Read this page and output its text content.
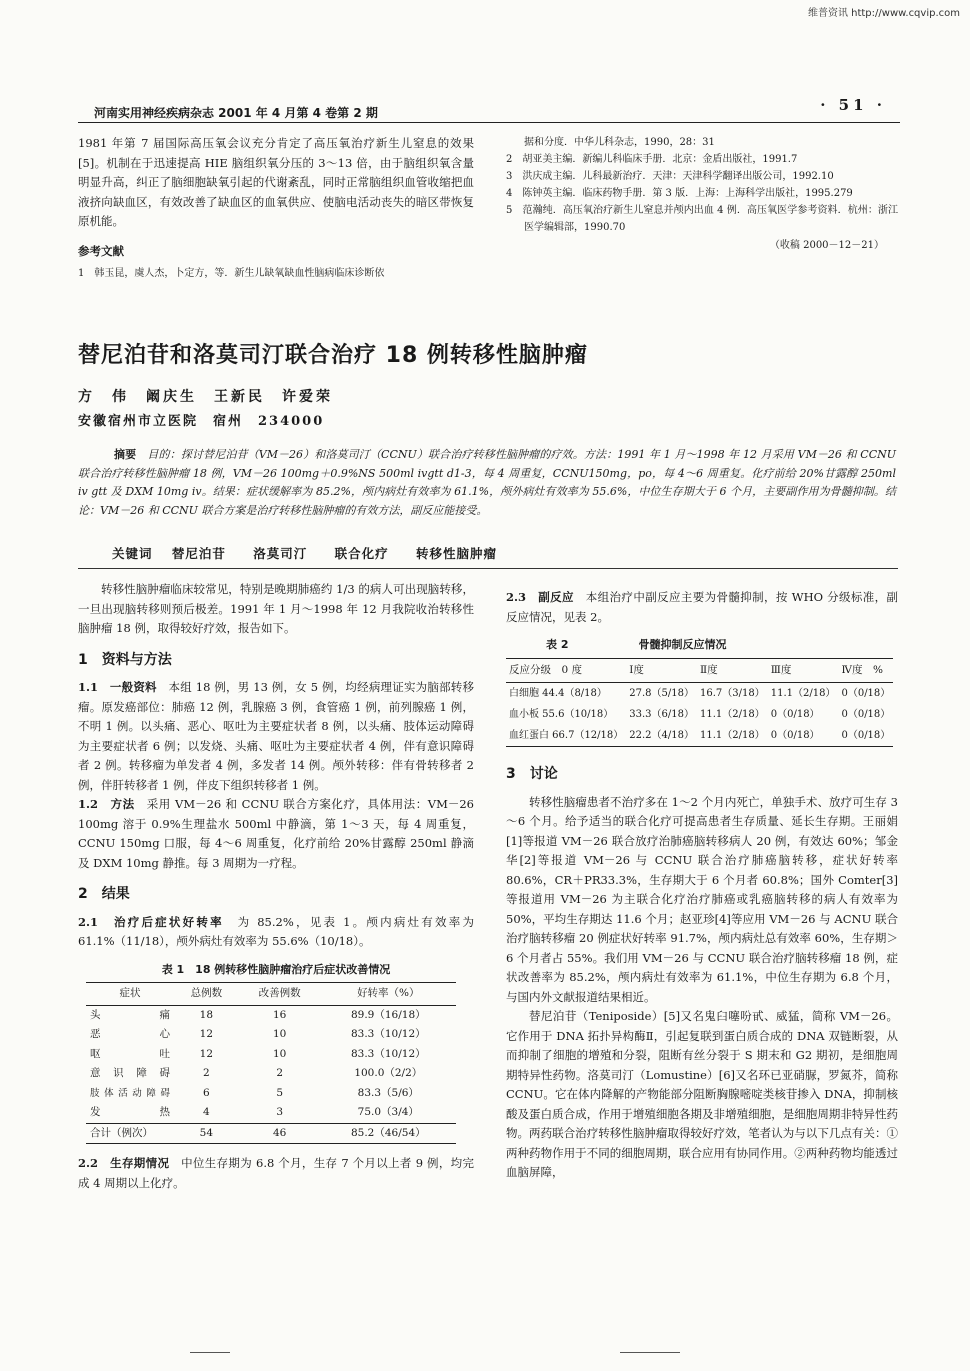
维普资讯 http://www.cqvip.com
河南实用神经疾病杂志 2001 年 4 月第 4 卷第 2 期	· 51 ·

1981 年第 7 届国际高压氧会议充分肯定了高压氧治疗新生儿窒息的效果[5]。机制在于迅速提高 HIE 脑组织氧分压的 3～13 倍，由于脑组织氧含量明显升高，纠正了脑细胞缺氧引起的代谢紊乱，同时正常脑组织血管收缩把血液挤向缺血区，有效改善了缺血区的血氧供应、使脑电活动丧失的暗区带恢复原机能。

参考文献

1　韩玉昆，虞人杰，卜定方，等．新生儿缺氧缺血性脑病临床诊断依

据和分度．中华儿科杂志，1990，28：31

2　胡亚美主编．新编儿科临床手册．北京：金盾出版社，1991.7

3　洪庆成主编．儿科最新治疗．天津：天津科学翻译出版公司，1992.10

4　陈钟英主编．临床药物手册．第 3 版．上海：上海科学出版社，1995.279

5　范瀚纯．高压氧治疗新生儿窒息并颅内出血 4 例．高压氧医学参考资料．杭州：浙江医学编辑部，1990.70

（收稿 2000－12－21）

替尼泊苷和洛莫司汀联合治疗 18 例转移性脑肿瘤
方　伟　阚庆生　王新民　许爱荣
安徽宿州市立医院　宿州　234000
摘要　 目的：探讨替尼泊苷（VM－26）和洛莫司汀（CCNU）联合治疗转移性脑肿瘤的疗效。方法：1991 年 1 月～1998 年 12 月采用 VM－26 和 CCNU 联合治疗转移性脑肿瘤 18 例，VM－26 100mg＋0.9%NS 500ml ivgtt d1-3，每 4 周重复，CCNU150mg，po，每 4～6 周重复。化疗前给 20%甘露醇 250ml iv gtt 及 DXM 10mg iv。结果：症状缓解率为 85.2%，颅内病灶有效率为 61.1%，颅外病灶有效率为 55.6%，中位生存期大于 6 个月，主要副作用为骨髓抑制。结论：VM－26 和 CCNU 联合方案是治疗转移性脑肿瘤的有效方法，副反应能接受。
关键词 替尼泊苷 洛莫司汀 联合化疗 转移性脑肿瘤

转移性脑肿瘤临床较常见，特别是晚期肺癌约 1/3 的病人可出现脑转移，一旦出现脑转移则预后极差。1991 年 1 月～1998 年 12 月我院收治转移性脑肿瘤 18 例，取得较好疗效，报告如下。

1　资料与方法

1.1　一般资料　 本组 18 例，男 13 例，女 5 例，均经病理证实为脑部转移瘤。原发癌部位：肺癌 12 例，乳腺癌 3 例，食管癌 1 例，前列腺癌 1 例，不明 1 例。以头痛、恶心、呕吐为主要症状者 8 例，以头痛、肢体运动障碍为主要症状者 6 例；以发烧、头痛、呕吐为主要症状者 4 例，伴有意识障碍者 2 例。转移瘤为单发者 4 例，多发者 14 例。颅外转移：伴有骨转移者 2 例，伴肝转移者 1 例，伴皮下组织转移者 1 例。

1.2　方法　 采用 VM－26 和 CCNU 联合方案化疗，具体用法：VM－26 100mg 溶于 0.9%生理盐水 500ml 中静滴，第 1～3 天，每 4 周重复，CCNU 150mg 口服，每 4～6 周重复，化疗前给 20%甘露醇 250ml 静滴及 DXM 10mg 静推。每 3 周期为一疗程。

2　结果

2.1　治疗后症状好转率　 为 85.2%，见表 1。颅内病灶有效率为 61.1%（11/18），颅外病灶有效率为 55.6%（10/18）。

表 1　18 例转移性脑肿瘤治疗后症状改善情况
症状	总例数	改善例数	好转率（%）
头　痛	18	16	89.9（16/18）
恶　心	12	10	83.3（10/12）
呕　吐	12	10	83.3（10/12）
意识障碍	2	2	100.0（2/2）
肢体活动障碍	6	5	83.3（5/6）
发　热	4	3	75.0（3/4）
合计（例次）	54	46	85.2（46/54）

2.2　生存期情况　 中位生存期为 6.8 个月，生存 7 个月以上者 9 例，均完成 4 周期以上化疗。

2.3　副反应　 本组治疗中副反应主要为骨髓抑制，按 WHO 分级标准，副反应情况，见表 2。

表 2	骨髓抑制反应情况
反应分级　0 度	Ⅰ度	Ⅱ度	Ⅲ度	Ⅳ度　%
白细胞 44.4（8/18）	27.8（5/18）	16.7（3/18）	11.1（2/18）	0（0/18）
血小板 55.6（10/18）	33.3（6/18）	11.1（2/18）	0（0/18）	0（0/18）
血红蛋白 66.7（12/18）	22.2（4/18）	11.1（2/18）	0（0/18）	0（0/18）
3　讨论

转移性脑瘤患者不治疗多在 1～2 个月内死亡，单独手术、放疗可生存 3～6 个月。给予适当的联合化疗可提高患者生存质量、延长生存期。王丽娟[1]等报道 VM－26 联合放疗治肺癌脑转移病人 20 例，有效达 60%；邹金华[2]等报道 VM－26 与 CCNU 联合治疗肺癌脑转移，症状好转率 80.6%，CR＋PR33.3%，生存期大于 6 个月者 60.8%；国外 Comter[3]等报道用 VM－26 为主联合化疗治疗肺癌或乳癌脑转移的病人有效率为 50%，平均生存期达 11.6 个月；赵亚珍[4]等应用 VM－26 与 ACNU 联合治疗脑转移瘤 20 例症状好转率 91.7%，颅内病灶总有效率 60%，生存期＞6 个月者占 55%。我们用 VM－26 与 CCNU 联合治疗脑转移瘤 18 例，症状改善率为 85.2%，颅内病灶有效率为 61.1%，中位生存期为 6.8 个月，与国内外文献报道结果相近。

替尼泊苷（Teniposide）[5]又名鬼臼噻吩甙、威猛，简称 VM－26。它作用于 DNA 拓扑异构酶Ⅱ，引起复联到蛋白质合成的 DNA 双链断裂，从而抑制了细胞的增殖和分裂，阻断有丝分裂于 S 期末和 G2 期初，是细胞周期特异性药物。洛莫司汀（Lomustine）[6]又名环已亚硝脲，罗氮芥，简称 CCNU。它在体内降解的产物能部分阻断胸腺嘧啶类核苷掺入 DNA，抑制核酸及蛋白质合成，作用于增殖细胞各期及非增殖细胞，是细胞周期非特异性药物。两药联合治疗转移性脑肿瘤取得较好疗效，笔者认为与以下几点有关：①两种药物作用于不同的细胞周期，联合应用有协同作用。②两种药物均能透过血脑屏障，
